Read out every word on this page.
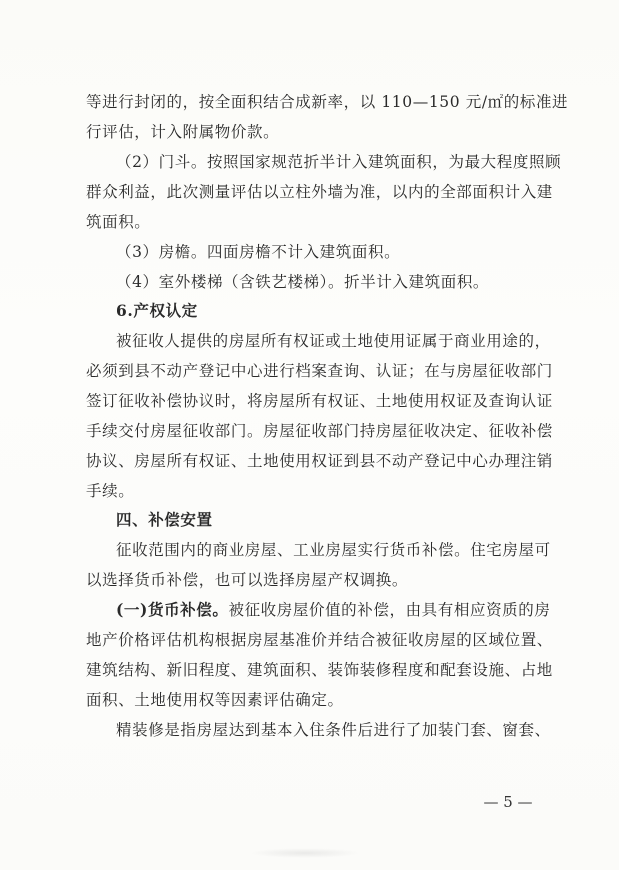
等进行封闭的，按全面积结合成新率，以 110—150 元/㎡的标准进
行评估，计入附属物价款。
（2）门斗。按照国家规范折半计入建筑面积，为最大程度照顾
群众利益，此次测量评估以立柱外墙为准，以内的全部面积计入建
筑面积。
（3）房檐。四面房檐不计入建筑面积。
（4）室外楼梯（含铁艺楼梯）。折半计入建筑面积。
6.产权认定
被征收人提供的房屋所有权证或土地使用证属于商业用途的，
必须到县不动产登记中心进行档案查询、认证；在与房屋征收部门
签订征收补偿协议时，将房屋所有权证、土地使用权证及查询认证
手续交付房屋征收部门。房屋征收部门持房屋征收决定、征收补偿
协议、房屋所有权证、土地使用权证到县不动产登记中心办理注销
手续。
四、补偿安置
征收范围内的商业房屋、工业房屋实行货币补偿。住宅房屋可
以选择货币补偿，也可以选择房屋产权调换。
(一)货币补偿。被征收房屋价值的补偿，由具有相应资质的房
地产价格评估机构根据房屋基准价并结合被征收房屋的区域位置、
建筑结构、新旧程度、建筑面积、装饰装修程度和配套设施、占地
面积、土地使用权等因素评估确定。
精装修是指房屋达到基本入住条件后进行了加装门套、窗套、
— 5 —
